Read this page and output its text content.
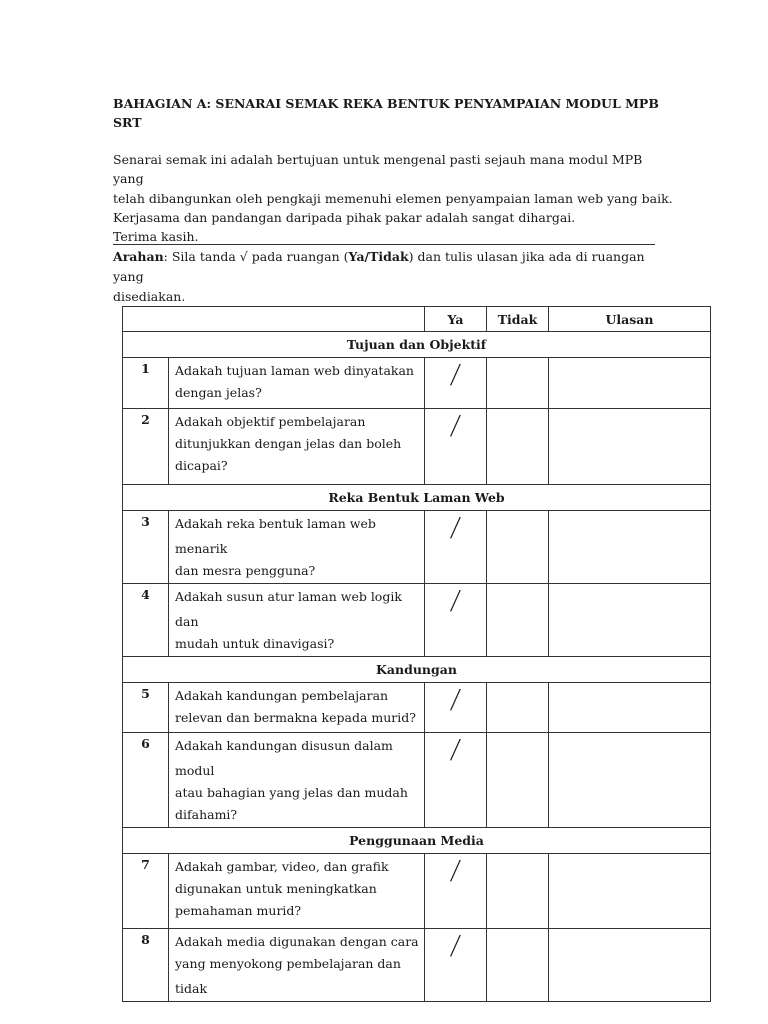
BAHAGIAN A: SENARAI SEMAK REKA BENTUK PENYAMPAIAN MODUL MPB
SRT

Senarai semak ini adalah bertujuan untuk mengenal pasti sejauh mana modul MPB yang

telah dibangunkan oleh pengkaji memenuhi elemen penyampaian laman web yang baik.

Kerjasama dan pandangan daripada pihak pakar adalah sangat dihargai.

Terima kasih.

Arahan: Sila tanda √ pada ruangan (Ya/Tidak) dan tulis ulasan jika ada di ruangan yang
disediakan.
		Ya	Tidak	Ulasan
Tujuan dan Objektif				
1	Adakah tujuan laman web dinyatakan
dengan jelas?	/		
2	Adakah objektif pembelajaran
ditunjukkan dengan jelas dan boleh
dicapai?	/		
Reka Bentuk Laman Web				
3	Adakah reka bentuk laman web menarik
dan mesra pengguna?	/		
4	Adakah susun atur laman web logik dan
mudah untuk dinavigasi?	/		
Kandungan				
5	Adakah kandungan pembelajaran
relevan dan bermakna kepada murid?	/		
6	Adakah kandungan disusun dalam modul
atau bahagian yang jelas dan mudah
difahami?	/		
Penggunaan Media				
7	Adakah gambar, video, dan grafik
digunakan untuk meningkatkan
pemahaman murid?	/		
8	Adakah media digunakan dengan cara
yang menyokong pembelajaran dan tidak	/		
